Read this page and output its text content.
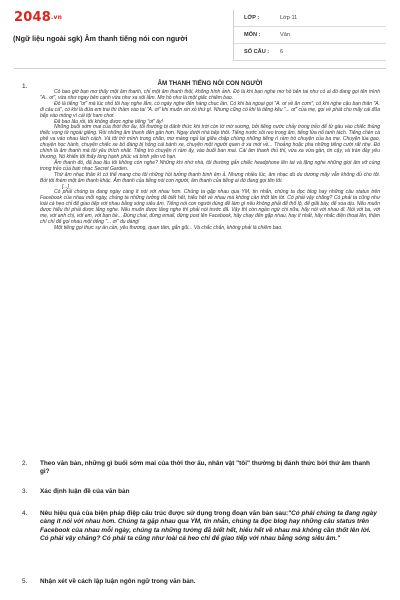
2048.vn
(Ngữ liệu ngoài sgk) Âm thanh tiếng nói con người
LỚP :	Lớp 11
MÔN :	Văn
SỐ CÂU : 6
1.	ÂM THANH TIẾNG NÓI CON NGƯỜI

Có bao giờ bạn mơ thấy một âm thanh, chỉ một âm thanh thôi, không hình ảnh. Đó là khi bạn nghe mơ hồ bên tai như có ai đó đang gọi tên mình "A.. ơi", vừa như ngay bên cạnh vừa như xa xôi lắm. Mơ hồ như là một giấc chiêm bao.

Đó là tiếng "ơi" mà lúc nhỏ tôi hay nghe lắm, có ngày nghe đến hàng chục lần. Có khi bà ngoại gọi "A. ơi về ăn cơm", có khi nghe cậu bạn thân "A. đi câu cá", có khi là đứa em trai thì thầm vào tai "A. ơi" khi muốn xin xỏ thứ gì. Nhưng cũng có khi là tiếng kêu "... ơi" của mẹ, gọi về phát cho mấy cái đũa bếp vào mông vì cái tội ham chơi.

Đã bao lâu rồi, tôi không được nghe tiếng "ơi" ấy!

Những buổi sớm mai của thời thơ ấu, tôi thường bị đánh thức khi trời còn tờ mờ sương, bởi tiếng nước chảy trong trẻo để từ gàu vào chiếc thùng thiếc vọng từ ngoài giếng. Rồi những âm thanh đến gần hơn. Ngay dưới nhà bếp thôi. Tiếng nước sôi reo trong ấm, tiếng lửa nổ tanh tách. Tiếng chén cà phê va vào nhau lách cách. Và tôi trở mình trong chăn, mơ màng ngủ lại giữa chập chừng những tiếng rì rầm trò chuyện của ba mẹ. Chuyện lúa gạo, chuyện học hành, chuyện chiếc xe bỏ đàng bị hỏng cái bánh xe, chuyện một người quen ở xa mới về... Thoảng hoặc pha những tiếng cười rất nhẹ. Đó chính là âm thanh mà tôi yêu thích nhất. Tiếng trò chuyện rì rầm ấy, vào buổi ban mai. Cái âm thanh thủ thỉ, vừa xa vừa gần, tin cậy, và tràn đầy yêu thương. Nó khiến tôi thấy lòng hạnh phúc và bình yên vô hạn.

Âm thanh đó, đã bao lâu tôi không còn nghe? Những khi nhớ nhà, tôi thường gắn chiếc headphone lên tai và lặng nghe những giọt âm vỡ cùng trong trẻo của ban nhạc Secret Garden.

Thứ âm nhạc thân kì có thể mang cho tôi những hồi tưởng thanh bình êm ả. Nhưng nhiều lúc, âm nhạc dù du dương mấy vẫn không đủ cho tôi. Bởi tôi thèm một âm thanh khác. Âm thanh của tiếng nói con người, âm thanh của tiếng ai đó đang gọi tên tôi.

[...]

Có phải chúng ta đang ngày càng ít nói với nhau hơn. Chúng ta gặp nhau qua YM, tin nhắn, chúng ta đọc blog hay những câu status trên Facebook của nhau mỗi ngày, chúng ta những tưởng đã biết hết, hiểu hết về nhau mà không cần thốt lên lời. Có phải vậy chăng? Có phải ta cũng như loài cá heo chỉ để giao tiếp với nhau bằng sóng siêu âm. Tiếng nói con người dùng để làm gì nếu không phải để thổ lộ, để giãi bày, để xoa dịu. Nếu muốn được hiểu thì phải được lắng nghe. Nếu muốn được lắng nghe thì phải nói trước đã. Vậy thì còn ngần ngừ chi nữa, hãy nói với nhau đi. Nói với ba, với mẹ, với anh chị, với em, với bạn bè... Đừng chat, đừng email, đừng post lên Facebook, hãy chạy đến gặp nhau, hay ít nhất, hãy nhấc điện thoại lên, thậm chí chỉ để gọi nhau một tiếng "... ơi" du dàng!

Một tiếng gọi thực sự ân cần, yêu thương, quan tâm, gắn gũi... Và chắc chắn, không phải là chiêm bao.

2. Theo văn bản, những gì buổi sớm mai của thời thơ ấu, nhân vật "tôi" thường bị đánh thức bởi thứ âm thanh gì?
3. Xác định luận đề của văn bản
4. Nêu hiệu quả của biện pháp điệp cấu trúc được sử dụng trong đoạn văn bản sau:"Có phải chúng ta đang ngày càng ít nói với nhau hơn. Chúng ta gặp nhau qua YM, tin nhắn, chúng ta đọc blog hay những câu status trên Facebook của nhau mỗi ngày, chúng ta những tưởng đã biết hết, hiểu hết về nhau mà không cần thốt lên lời. Có phải vậy chăng? Có phải ta cũng như loài cá heo chỉ để giao tiếp với nhau bằng sóng siêu âm."
5. Nhận xét về cách lập luận ngôn ngữ trong văn bản.
